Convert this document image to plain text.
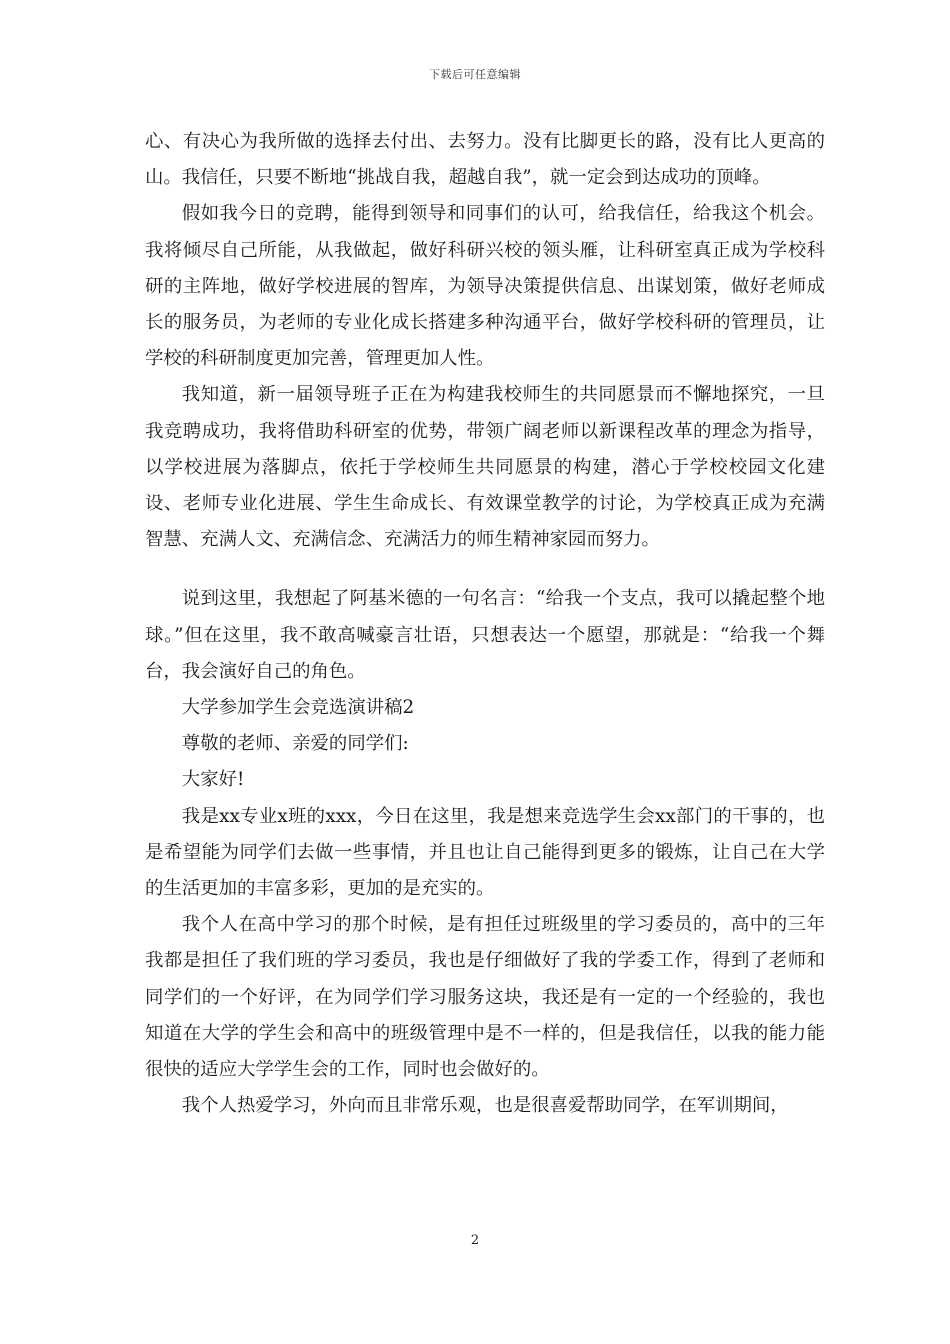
下载后可任意编辑

心、有决心为我所做的选择去付出、去努力。没有比脚更长的路，没有比人更高的山。我信任，只要不断地“挑战自我，超越自我”，就一定会到达成功的顶峰。

假如我今日的竞聘，能得到领导和同事们的认可，给我信任，给我这个机会。我将倾尽自己所能，从我做起，做好科研兴校的领头雁，让科研室真正成为学校科研的主阵地，做好学校进展的智库，为领导决策提供信息、出谋划策，做好老师成长的服务员，为老师的专业化成长搭建多种沟通平台，做好学校科研的管理员，让学校的科研制度更加完善，管理更加人性。

我知道，新一届领导班子正在为构建我校师生的共同愿景而不懈地探究，一旦我竞聘成功，我将借助科研室的优势，带领广阔老师以新课程改革的理念为指导，以学校进展为落脚点，依托于学校师生共同愿景的构建，潜心于学校校园文化建设、老师专业化进展、学生生命成长、有效课堂教学的讨论，为学校真正成为充满智慧、充满人文、充满信念、充满活力的师生精神家园而努力。

说到这里，我想起了阿基米德的一句名言：“给我一个支点，我可以撬起整个地球。”但在这里，我不敢高喊豪言壮语，只想表达一个愿望，那就是：“给我一个舞台，我会演好自己的角色。

大学参加学生会竞选演讲稿2

尊敬的老师、亲爱的同学们:

大家好!

我是xx专业x班的xxx，今日在这里，我是想来竞选学生会xx部门的干事的，也是希望能为同学们去做一些事情，并且也让自己能得到更多的锻炼，让自己在大学的生活更加的丰富多彩，更加的是充实的。

我个人在高中学习的那个时候，是有担任过班级里的学习委员的，高中的三年我都是担任了我们班的学习委员，我也是仔细做好了我的学委工作，得到了老师和同学们的一个好评，在为同学们学习服务这块，我还是有一定的一个经验的，我也知道在大学的学生会和高中的班级管理中是不一样的，但是我信任，以我的能力能很快的适应大学学生会的工作，同时也会做好的。

我个人热爱学习，外向而且非常乐观，也是很喜爱帮助同学，在军训期间，

2
